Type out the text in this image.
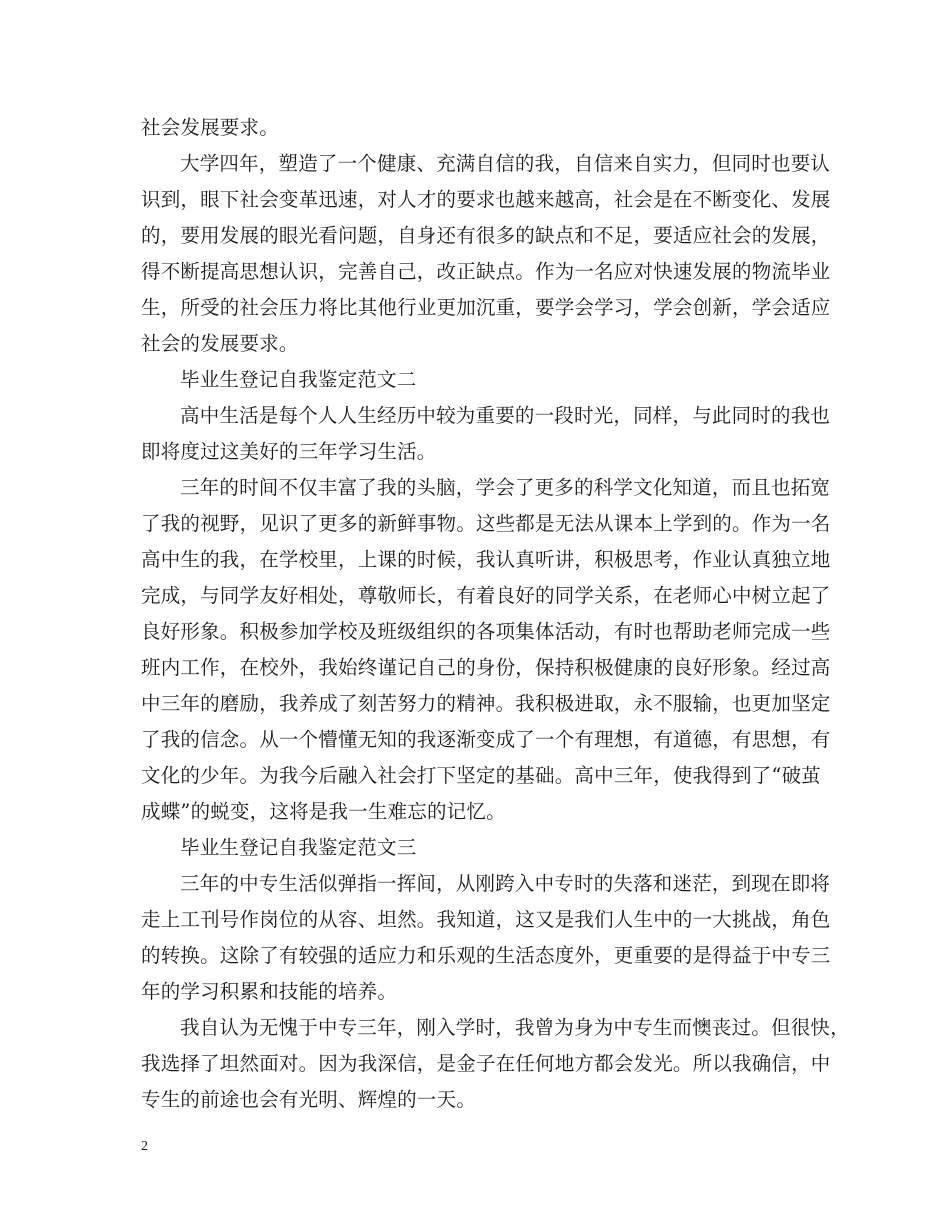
社会发展要求。
大学四年，塑造了一个健康、充满自信的我，自信来自实力，但同时也要认
识到，眼下社会变革迅速，对人才的要求也越来越高，社会是在不断变化、发展
的，要用发展的眼光看问题，自身还有很多的缺点和不足，要适应社会的发展，
得不断提高思想认识，完善自己，改正缺点。作为一名应对快速发展的物流毕业
生，所受的社会压力将比其他行业更加沉重，要学会学习，学会创新，学会适应
社会的发展要求。
毕业生登记自我鉴定范文二
高中生活是每个人人生经历中较为重要的一段时光，同样，与此同时的我也
即将度过这美好的三年学习生活。
三年的时间不仅丰富了我的头脑，学会了更多的科学文化知道，而且也拓宽
了我的视野，见识了更多的新鲜事物。这些都是无法从课本上学到的。作为一名
高中生的我，在学校里，上课的时候，我认真听讲，积极思考，作业认真独立地
完成，与同学友好相处，尊敬师长，有着良好的同学关系，在老师心中树立起了
良好形象。积极参加学校及班级组织的各项集体活动，有时也帮助老师完成一些
班内工作，在校外，我始终谨记自己的身份，保持积极健康的良好形象。经过高
中三年的磨励，我养成了刻苦努力的精神。我积极进取，永不服输，也更加坚定
了我的信念。从一个懵懂无知的我逐渐变成了一个有理想，有道德，有思想，有
文化的少年。为我今后融入社会打下坚定的基础。高中三年，使我得到了“破茧
成蝶”的蜕变，这将是我一生难忘的记忆。
毕业生登记自我鉴定范文三
三年的中专生活似弹指一挥间，从刚跨入中专时的失落和迷茫，到现在即将
走上工刊号作岗位的从容、坦然。我知道，这又是我们人生中的一大挑战，角色
的转换。这除了有较强的适应力和乐观的生活态度外，更重要的是得益于中专三
年的学习积累和技能的培养。
我自认为无愧于中专三年，刚入学时，我曾为身为中专生而懊丧过。但很快，
我选择了坦然面对。因为我深信，是金子在任何地方都会发光。所以我确信，中
专生的前途也会有光明、辉煌的一天。
2
